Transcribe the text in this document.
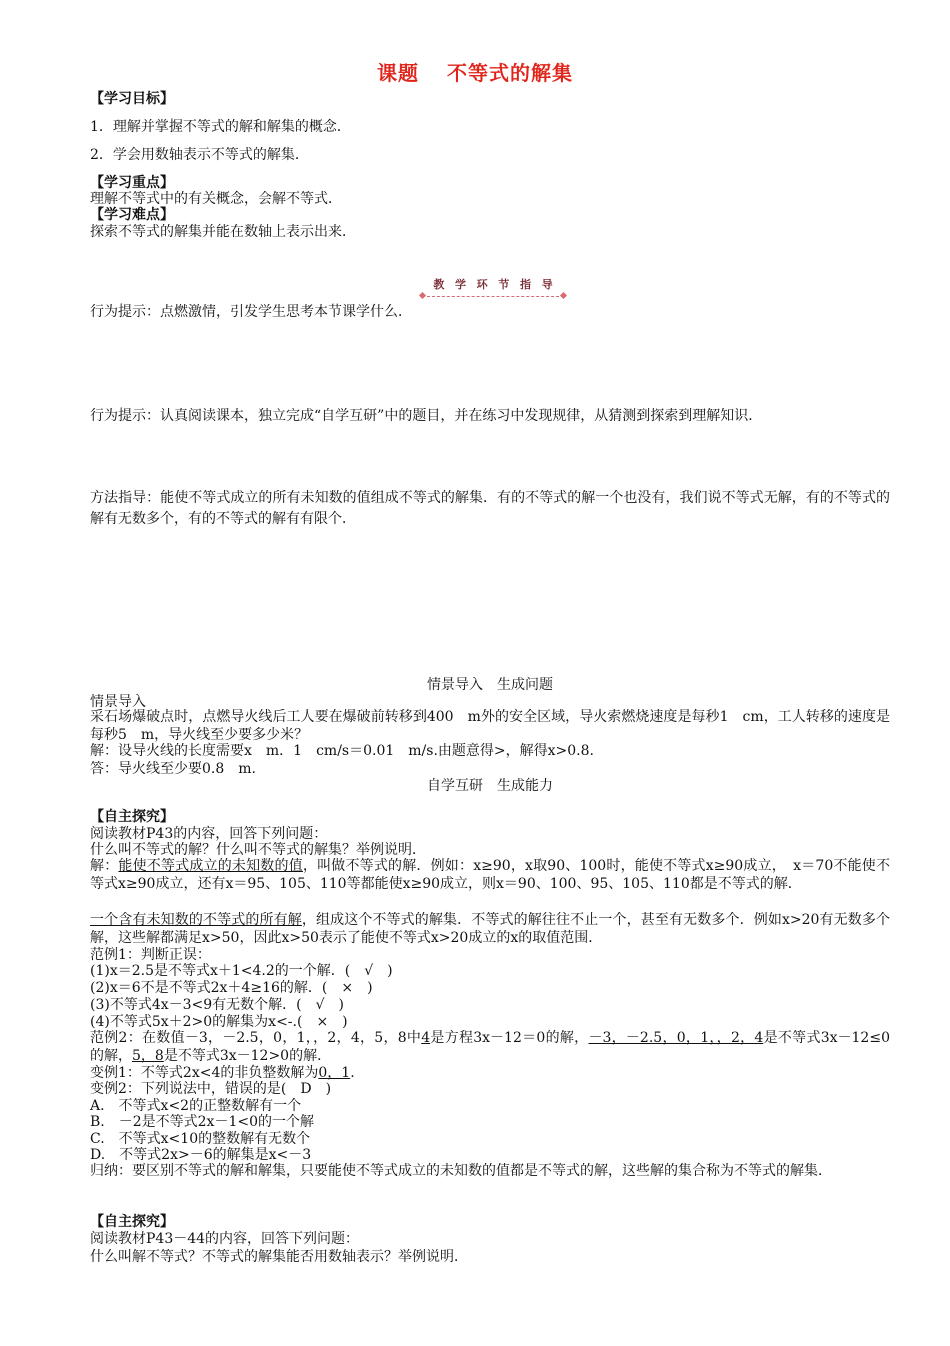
课题 不等式的解集
【学习目标】
1．理解并掌握不等式的解和解集的概念．
2．学会用数轴表示不等式的解集．
【学习重点】
理解不等式中的有关概念，会解不等式．
【学习难点】
探索不等式的解集并能在数轴上表示出来．
教 学 环 节 指 导
行为提示：点燃激情，引发学生思考本节课学什么．
行为提示：认真阅读课本，独立完成“自学互研”中的题目，并在练习中发现规律，从猜测到探索到理解知识．
方法指导：能使不等式成立的所有未知数的值组成不等式的解集．有的不等式的解一个也没有，我们说不等式无解，有的不等式的解有无数多个，有的不等式的解有有限个．
情景导入　生成问题
情景导入
采石场爆破点时，点燃导火线后工人要在爆破前转移到400　m外的安全区域，导火索燃烧速度是每秒1　cm，工人转移的速度是每秒5　m，导火线至少要多少米？
解：设导火线的长度需要x　m．1　cm/s＝0.01　m/s.由题意得>，解得x>0.8.
答：导火线至少要0.8　m.
自学互研　生成能力
【自主探究】
阅读教材P43的内容，回答下列问题：
什么叫不等式的解？什么叫不等式的解集？举例说明．
解：能使不等式成立的未知数的值，叫做不等式的解．例如：x≥90，x取90、100时，能使不等式x≥90成立，　x＝70不能使不等式x≥90成立，还有x＝95、105、110等都能使x≥90成立，则x＝90、100、95、105、110都是不等式的解．
一个含有未知数的不等式的所有解，组成这个不等式的解集．不等式的解往往不止一个，甚至有无数多个．例如x>20有无数多个解，这些解都满足x>50，因此x>50表示了能使不等式x>20成立的x的取值范围．
范例1：判断正误：
(1)x＝2.5是不等式x＋1<4.2的一个解．(　√　)
(2)x＝6不是不等式2x＋4≥16的解．(　×　)
(3)不等式4x－3<9有无数个解．(　√　)
(4)不等式5x＋2>0的解集为x<-.(　×　)
范例2：在数值－3，－2.5，0，1，，2，4，5，8中4是方程3x－12＝0的解，－3，－2.5，0，1，，2，4是不等式3x－12≤0的解，5，8是不等式3x－12>0的解．
变例1：不等式2x<4的非负整数解为0，1.
变例2：下列说法中，错误的是(　D　)
A.　不等式x<2的正整数解有一个
B.　－2是不等式2x－1<0的一个解
C.　不等式x<10的整数解有无数个
D.　不等式2x>－6的解集是x<－3
归纳：要区别不等式的解和解集，只要能使不等式成立的未知数的值都是不等式的解，这些解的集合称为不等式的解集．
【自主探究】
阅读教材P43－44的内容，回答下列问题：
什么叫解不等式？不等式的解集能否用数轴表示？举例说明．
